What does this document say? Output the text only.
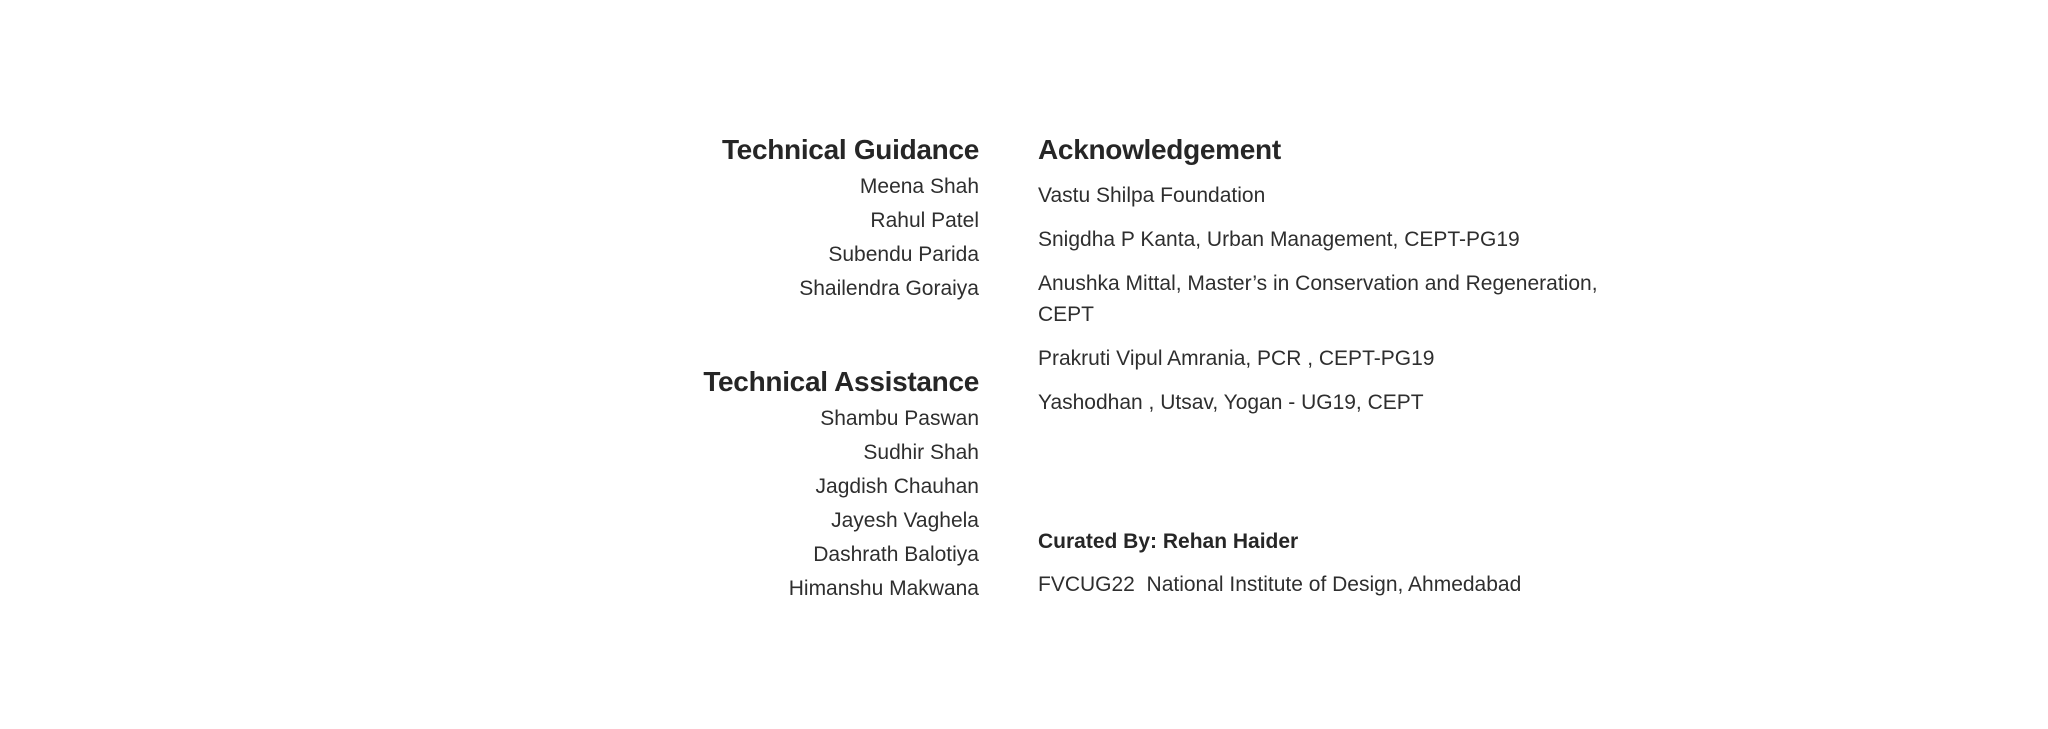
Technical Guidance
Meena Shah
Rahul Patel
Subendu Parida
Shailendra Goraiya
Technical Assistance
Shambu Paswan
Sudhir Shah
Jagdish Chauhan
Jayesh Vaghela
Dashrath Balotiya
Himanshu Makwana
Acknowledgement
Vastu Shilpa Foundation
Snigdha P Kanta, Urban Management, CEPT-PG19
Anushka Mittal, Master’s in Conservation and Regeneration, CEPT
Prakruti Vipul Amrania, PCR , CEPT-PG19
Yashodhan , Utsav, Yogan - UG19, CEPT
Curated By: Rehan Haider
FVCUG22  National Institute of Design, Ahmedabad
